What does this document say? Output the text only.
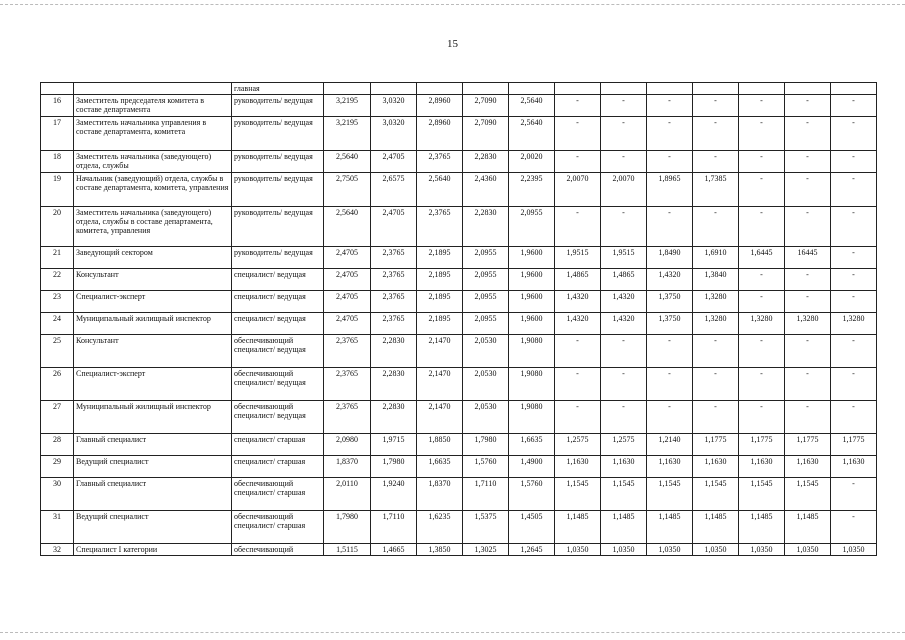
15
		главная												
16	Заместитель председателя комитета в составе департамента	руководитель/ ведущая	3,2195	3,0320	2,8960	2,7090	2,5640	-	-	-	-	-	-	-
17	Заместитель начальника управления в составе департамента, комитета	руководитель/ ведущая	3,2195	3,0320	2,8960	2,7090	2,5640	-	-	-	-	-	-	-
18	Заместитель начальника (заведующего) отдела, службы	руководитель/ ведущая	2,5640	2,4705	2,3765	2,2830	2,0020	-	-	-	-	-	-	-
19	Начальник (заведующий) отдела, службы в составе департамента, комитета, управления	руководитель/ ведущая	2,7505	2,6575	2,5640	2,4360	2,2395	2,0070	2,0070	1,8965	1,7385	-	-	-
20	Заместитель начальника (заведующего) отдела, службы в составе департамента, комитета, управления	руководитель/ ведущая	2,5640	2,4705	2,3765	2,2830	2,0955	-	-	-	-	-	-	-
21	Заведующий сектором	руководитель/ ведущая	2,4705	2,3765	2,1895	2,0955	1,9600	1,9515	1,9515	1,8490	1,6910	1,6445	16445	-
22	Консультант	специалист/ ведущая	2,4705	2,3765	2,1895	2,0955	1,9600	1,4865	1,4865	1,4320	1,3840	-	-	-
23	Специалист-эксперт	специалист/ ведущая	2,4705	2,3765	2,1895	2,0955	1,9600	1,4320	1,4320	1,3750	1,3280	-	-	-
24	Муниципальный жилищный инспектор	специалист/ ведущая	2,4705	2,3765	2,1895	2,0955	1,9600	1,4320	1,4320	1,3750	1,3280	1,3280	1,3280	1,3280
25	Консультант	обеспечивающий специалист/ ведущая	2,3765	2,2830	2,1470	2,0530	1,9080	-	-	-	-	-	-	-
26	Специалист-эксперт	обеспечивающий специалист/ ведущая	2,3765	2,2830	2,1470	2,0530	1,9080	-	-	-	-	-	-	-
27	Муниципальный жилищный инспектор	обеспечивающий специалист/ ведущая	2,3765	2,2830	2,1470	2,0530	1,9080	-	-	-	-	-	-	-
28	Главный специалист	специалист/ старшая	2,0980	1,9715	1,8850	1,7980	1,6635	1,2575	1,2575	1,2140	1,1775	1,1775	1,1775	1,1775
29	Ведущий специалист	специалист/ старшая	1,8370	1,7980	1,6635	1,5760	1,4900	1,1630	1,1630	1,1630	1,1630	1,1630	1,1630	1,1630
30	Главный специалист	обеспечивающий специалист/ старшая	2,0110	1,9240	1,8370	1,7110	1,5760	1,1545	1,1545	1,1545	1,1545	1,1545	1,1545	-
31	Ведущий специалист	обеспечивающий специалист/ старшая	1,7980	1,7110	1,6235	1,5375	1,4505	1,1485	1,1485	1,1485	1,1485	1,1485	1,1485	-
32	Специалист I категории	обеспечивающий	1,5115	1,4665	1,3850	1,3025	1,2645	1,0350	1,0350	1,0350	1,0350	1,0350	1,0350	1,0350
